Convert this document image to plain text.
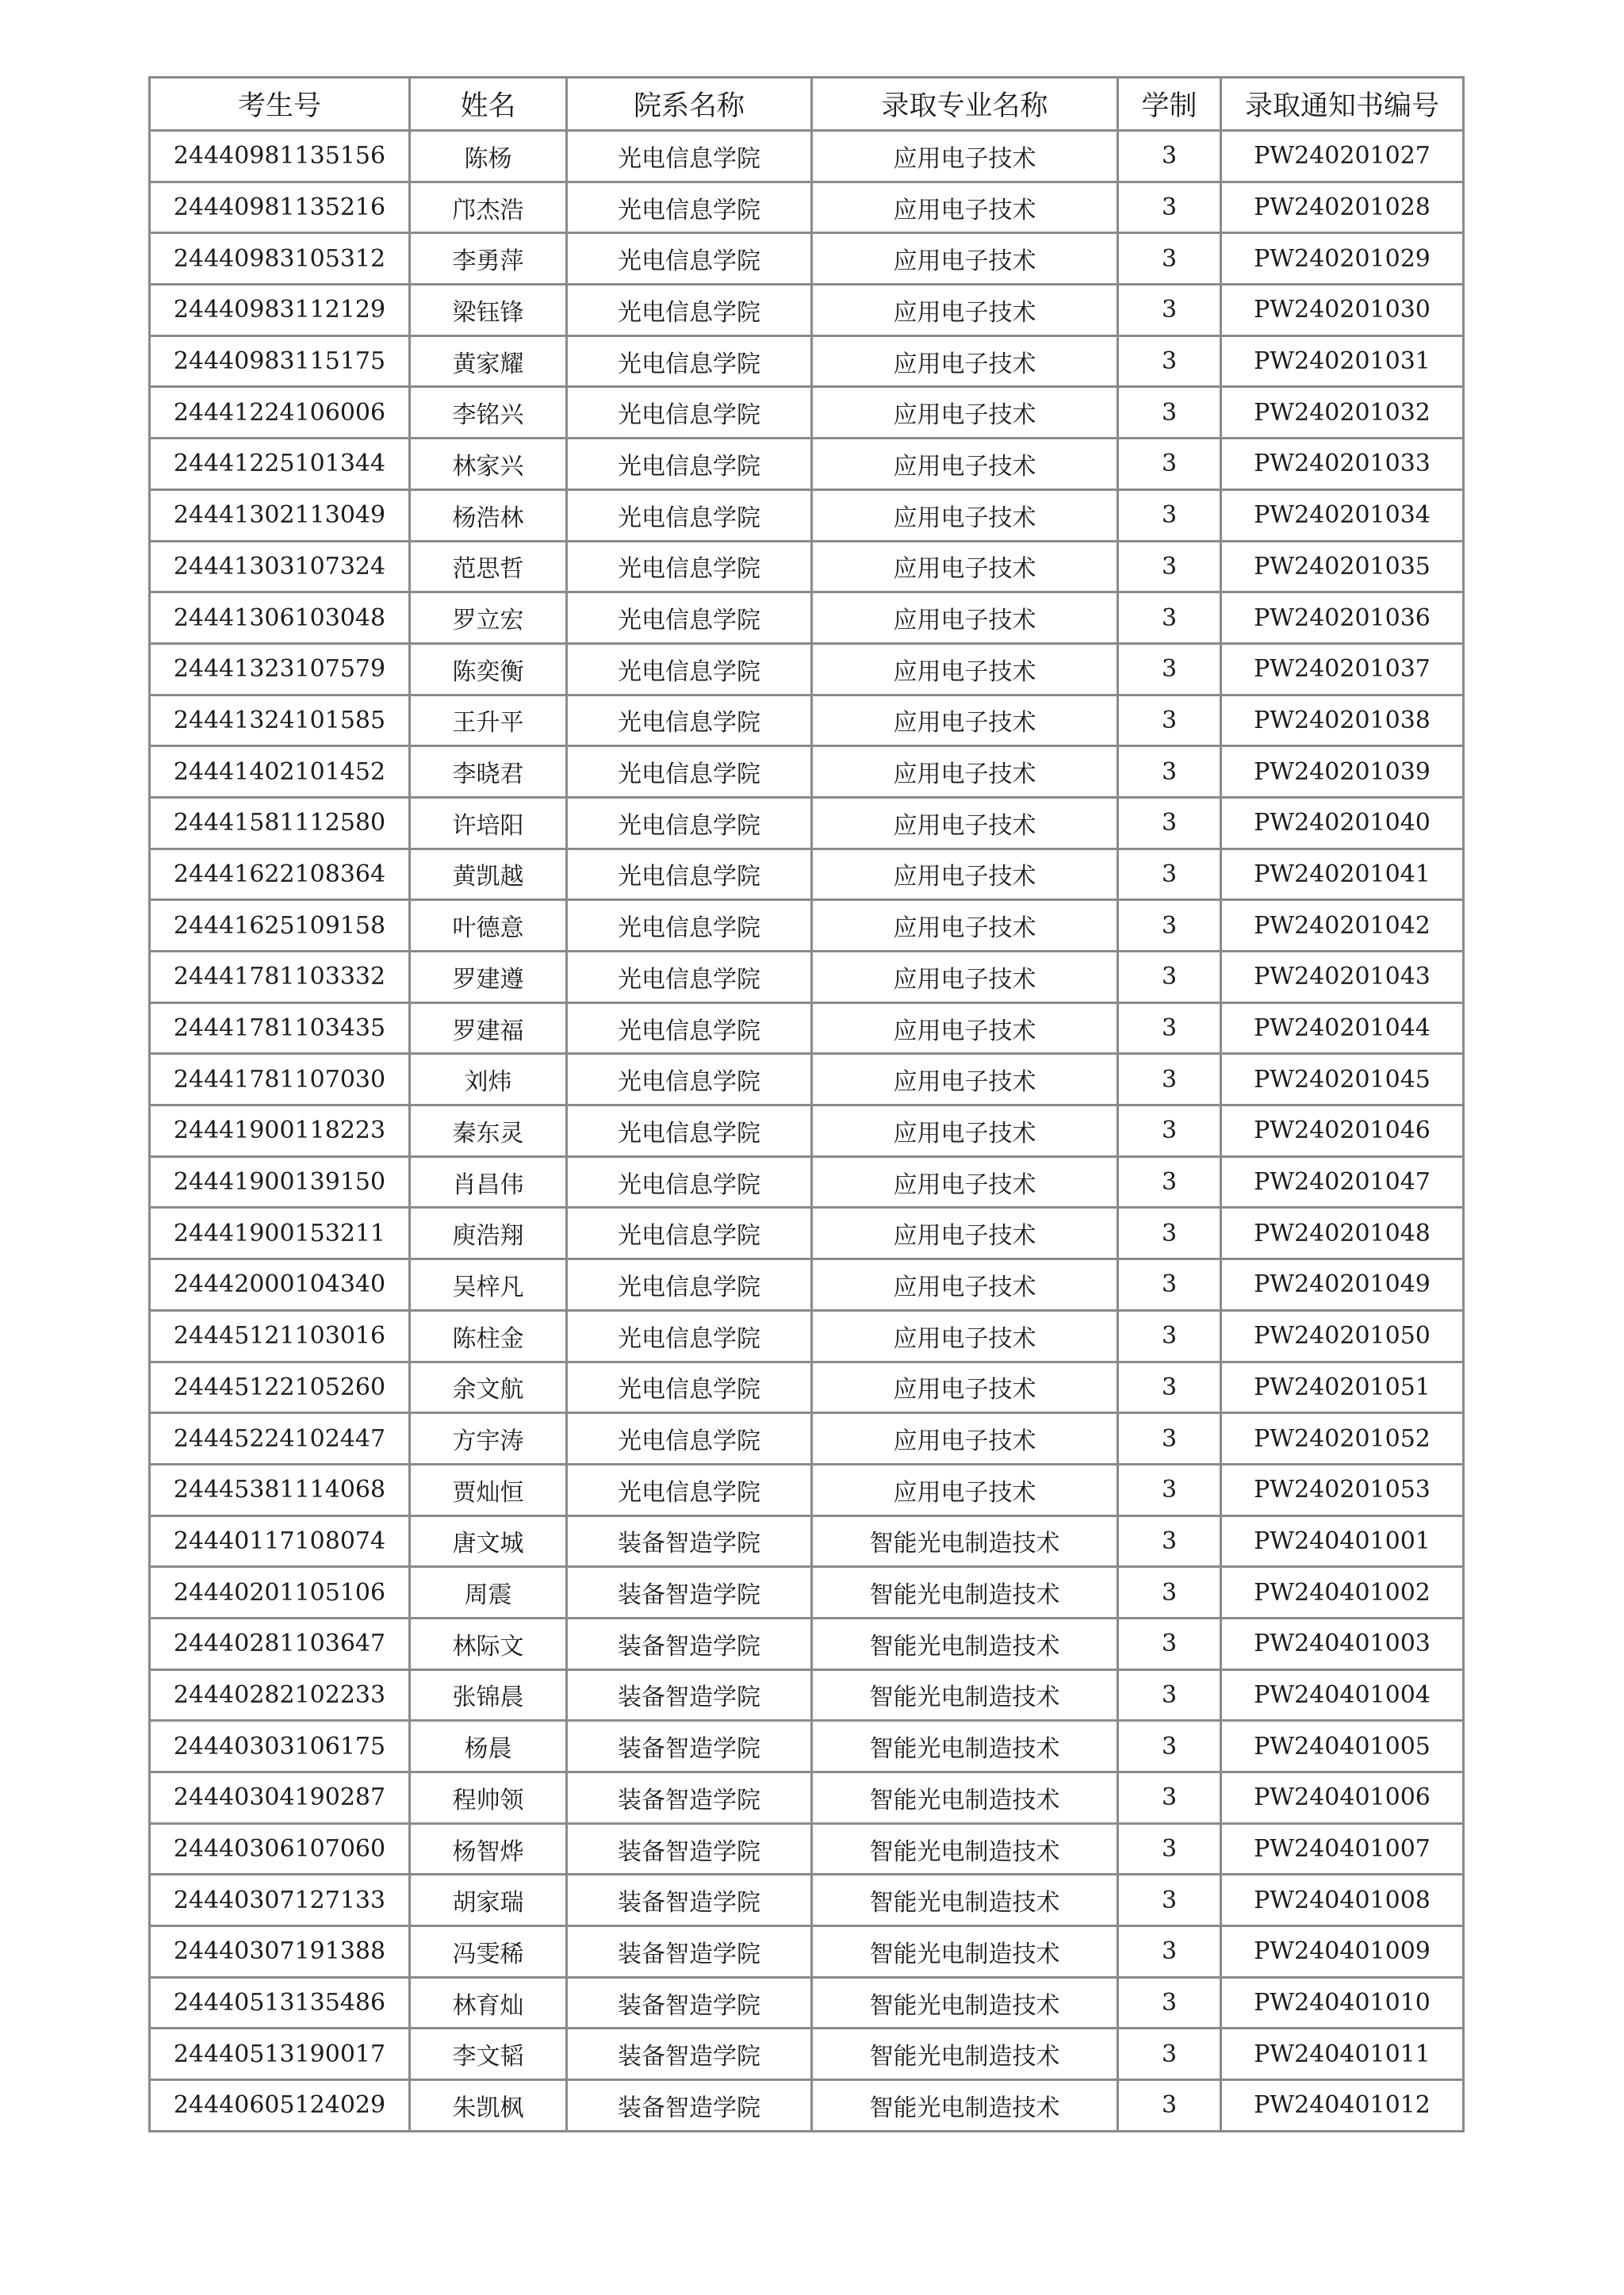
考生号	姓名	院系名称	录取专业名称	学制	录取通知书编号
24440981135156	陈杨	光电信息学院	应用电子技术	3	PW240201027
24440981135216	邝杰浩	光电信息学院	应用电子技术	3	PW240201028
24440983105312	李勇萍	光电信息学院	应用电子技术	3	PW240201029
24440983112129	梁钰锋	光电信息学院	应用电子技术	3	PW240201030
24440983115175	黄家耀	光电信息学院	应用电子技术	3	PW240201031
24441224106006	李铭兴	光电信息学院	应用电子技术	3	PW240201032
24441225101344	林家兴	光电信息学院	应用电子技术	3	PW240201033
24441302113049	杨浩林	光电信息学院	应用电子技术	3	PW240201034
24441303107324	范思哲	光电信息学院	应用电子技术	3	PW240201035
24441306103048	罗立宏	光电信息学院	应用电子技术	3	PW240201036
24441323107579	陈奕衡	光电信息学院	应用电子技术	3	PW240201037
24441324101585	王升平	光电信息学院	应用电子技术	3	PW240201038
24441402101452	李晓君	光电信息学院	应用电子技术	3	PW240201039
24441581112580	许培阳	光电信息学院	应用电子技术	3	PW240201040
24441622108364	黄凯越	光电信息学院	应用电子技术	3	PW240201041
24441625109158	叶德意	光电信息学院	应用电子技术	3	PW240201042
24441781103332	罗建遵	光电信息学院	应用电子技术	3	PW240201043
24441781103435	罗建福	光电信息学院	应用电子技术	3	PW240201044
24441781107030	刘炜	光电信息学院	应用电子技术	3	PW240201045
24441900118223	秦东灵	光电信息学院	应用电子技术	3	PW240201046
24441900139150	肖昌伟	光电信息学院	应用电子技术	3	PW240201047
24441900153211	庾浩翔	光电信息学院	应用电子技术	3	PW240201048
24442000104340	吴梓凡	光电信息学院	应用电子技术	3	PW240201049
24445121103016	陈柱金	光电信息学院	应用电子技术	3	PW240201050
24445122105260	余文航	光电信息学院	应用电子技术	3	PW240201051
24445224102447	方宇涛	光电信息学院	应用电子技术	3	PW240201052
24445381114068	贾灿恒	光电信息学院	应用电子技术	3	PW240201053
24440117108074	唐文城	装备智造学院	智能光电制造技术	3	PW240401001
24440201105106	周震	装备智造学院	智能光电制造技术	3	PW240401002
24440281103647	林际文	装备智造学院	智能光电制造技术	3	PW240401003
24440282102233	张锦晨	装备智造学院	智能光电制造技术	3	PW240401004
24440303106175	杨晨	装备智造学院	智能光电制造技术	3	PW240401005
24440304190287	程帅领	装备智造学院	智能光电制造技术	3	PW240401006
24440306107060	杨智烨	装备智造学院	智能光电制造技术	3	PW240401007
24440307127133	胡家瑞	装备智造学院	智能光电制造技术	3	PW240401008
24440307191388	冯雯稀	装备智造学院	智能光电制造技术	3	PW240401009
24440513135486	林育灿	装备智造学院	智能光电制造技术	3	PW240401010
24440513190017	李文韬	装备智造学院	智能光电制造技术	3	PW240401011
24440605124029	朱凯枫	装备智造学院	智能光电制造技术	3	PW240401012
